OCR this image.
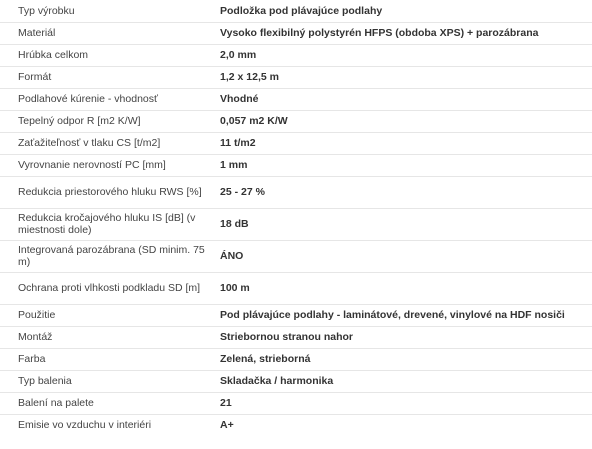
Typ výrobku	Podložka pod plávajúce podlahy
Materiál	Vysoko flexibilný polystyrén HFPS (obdoba XPS) + parozábrana
Hrúbka celkom	2,0 mm
Formát	1,2 x 12,5 m
Podlahové kúrenie - vhodnosť	Vhodné
Tepelný odpor R [m2 K/W]	0,057 m2 K/W
Zaťažiteľnosť v tlaku CS [t/m2]	11 t/m2
Vyrovnanie nerovností PC [mm]	1 mm
Redukcia priestorového hluku RWS [%]	25 - 27 %
Redukcia kročajového hluku IS [dB] (v miestnosti dole)	18 dB
Integrovaná parozábrana (SD minim. 75 m)	ÁNO
Ochrana proti vlhkosti podkladu SD [m]	100 m
Použitie	Pod plávajúce podlahy - laminátové, drevené, vinylové na HDF nosiči
Montáž	Striebornou stranou nahor
Farba	Zelená, strieborná
Typ balenia	Skladačka / harmonika
Balení na palete	21
Emisie vo vzduchu v interiéri	A+
